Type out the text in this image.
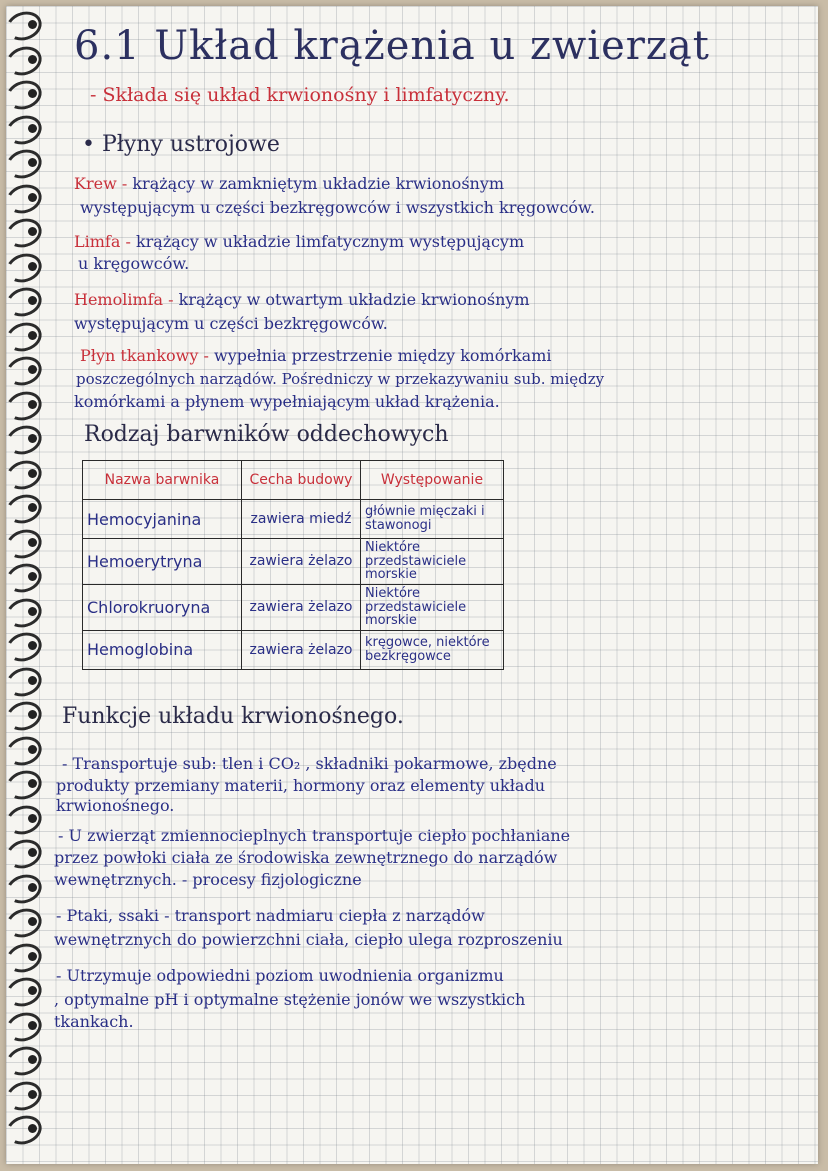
6.1 Układ krążenia u zwierząt
- Składa się układ krwionośny i limfatyczny.
• Płyny ustrojowe
Krew - krążący w zamkniętym układzie krwionośnym
występującym u części bezkręgowców i wszystkich kręgowców.
Limfa - krążący w układzie limfatycznym występującym
u kręgowców.
Hemolimfa - krążący w otwartym układzie krwionośnym
występującym u części bezkręgowców.
Płyn tkankowy - wypełnia przestrzenie między komórkami
poszczególnych narządów. Pośredniczy w przekazywaniu sub. między
komórkami a płynem wypełniającym układ krążenia.
Rodzaj barwników oddechowych
Nazwa barwnika	Cecha budowy	Występowanie
Hemocyjanina	zawiera miedź	głównie mięczaki i stawonogi
Hemoerytryna	zawiera żelazo	Niektóre przedstawiciele morskie
Chlorokruoryna	zawiera żelazo	Niektóre przedstawiciele morskie
Hemoglobina	zawiera żelazo	kręgowce, niektóre bezkręgowce
Funkcje układu krwionośnego.
- Transportuje sub: tlen i CO₂ , składniki pokarmowe, zbędne
produkty przemiany materii, hormony oraz elementy układu
krwionośnego.
- U zwierząt zmiennocieplnych transportuje ciepło pochłaniane
przez powłoki ciała ze środowiska zewnętrznego do narządów
wewnętrznych. - procesy fizjologiczne
- Ptaki, ssaki - transport nadmiaru ciepła z narządów
wewnętrznych do powierzchni ciała, ciepło ulega rozproszeniu
- Utrzymuje odpowiedni poziom uwodnienia organizmu
, optymalne pH i optymalne stężenie jonów we wszystkich
tkankach.
